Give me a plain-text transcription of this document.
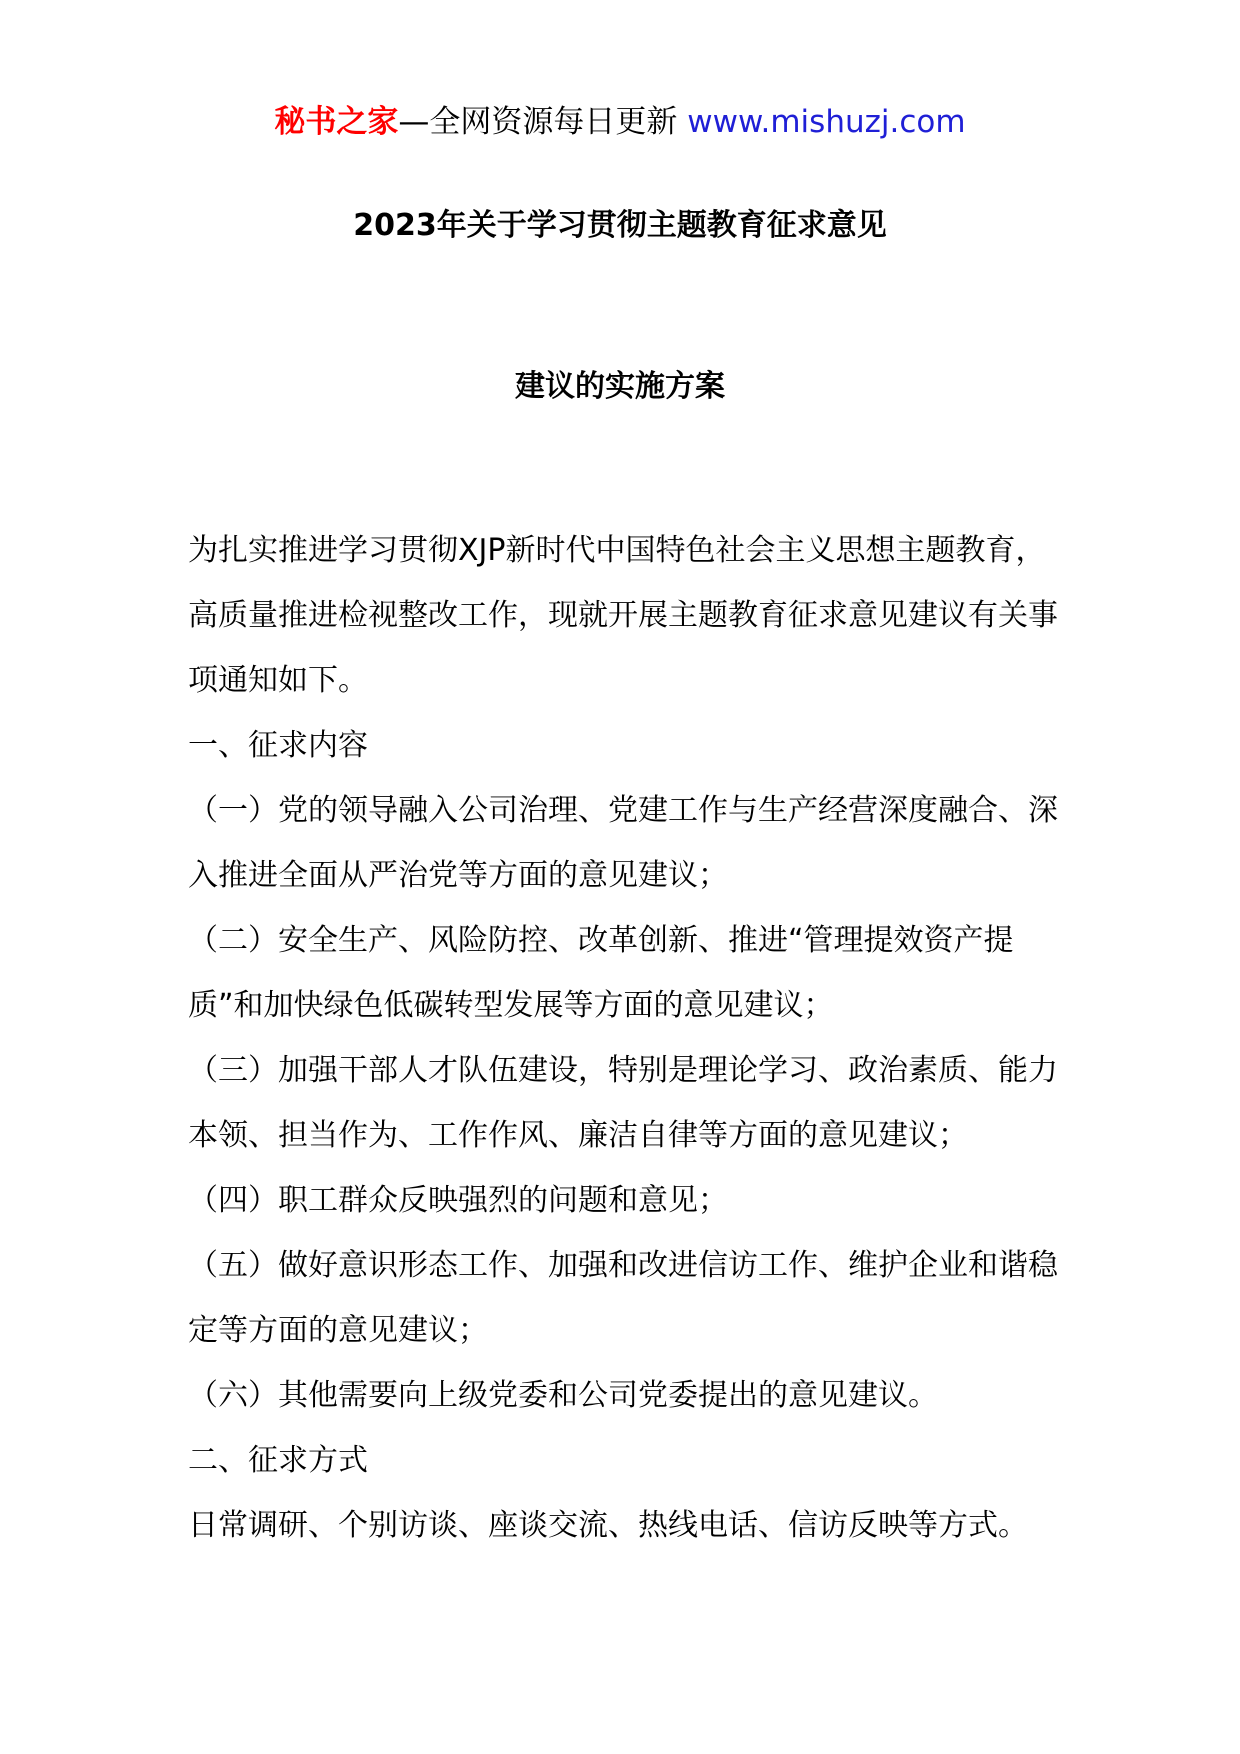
秘书之家—全网资源每日更新 www.mishuzj.com
2023年关于学习贯彻主题教育征求意见
建议的实施方案

为扎实推进学习贯彻XJP新时代中国特色社会主义思想主题教育，高质量推进检视整改工作，现就开展主题教育征求意见建议有关事项通知如下。

一、征求内容

（一）党的领导融入公司治理、党建工作与生产经营深度融合、深入推进全面从严治党等方面的意见建议；

（二）安全生产、风险防控、改革创新、推进“管理提效资产提质”和加快绿色低碳转型发展等方面的意见建议；

（三）加强干部人才队伍建设，特别是理论学习、政治素质、能力本领、担当作为、工作作风、廉洁自律等方面的意见建议；

（四）职工群众反映强烈的问题和意见；

（五）做好意识形态工作、加强和改进信访工作、维护企业和谐稳定等方面的意见建议；

（六）其他需要向上级党委和公司党委提出的意见建议。

二、征求方式

日常调研、个别访谈、座谈交流、热线电话、信访反映等方式。
